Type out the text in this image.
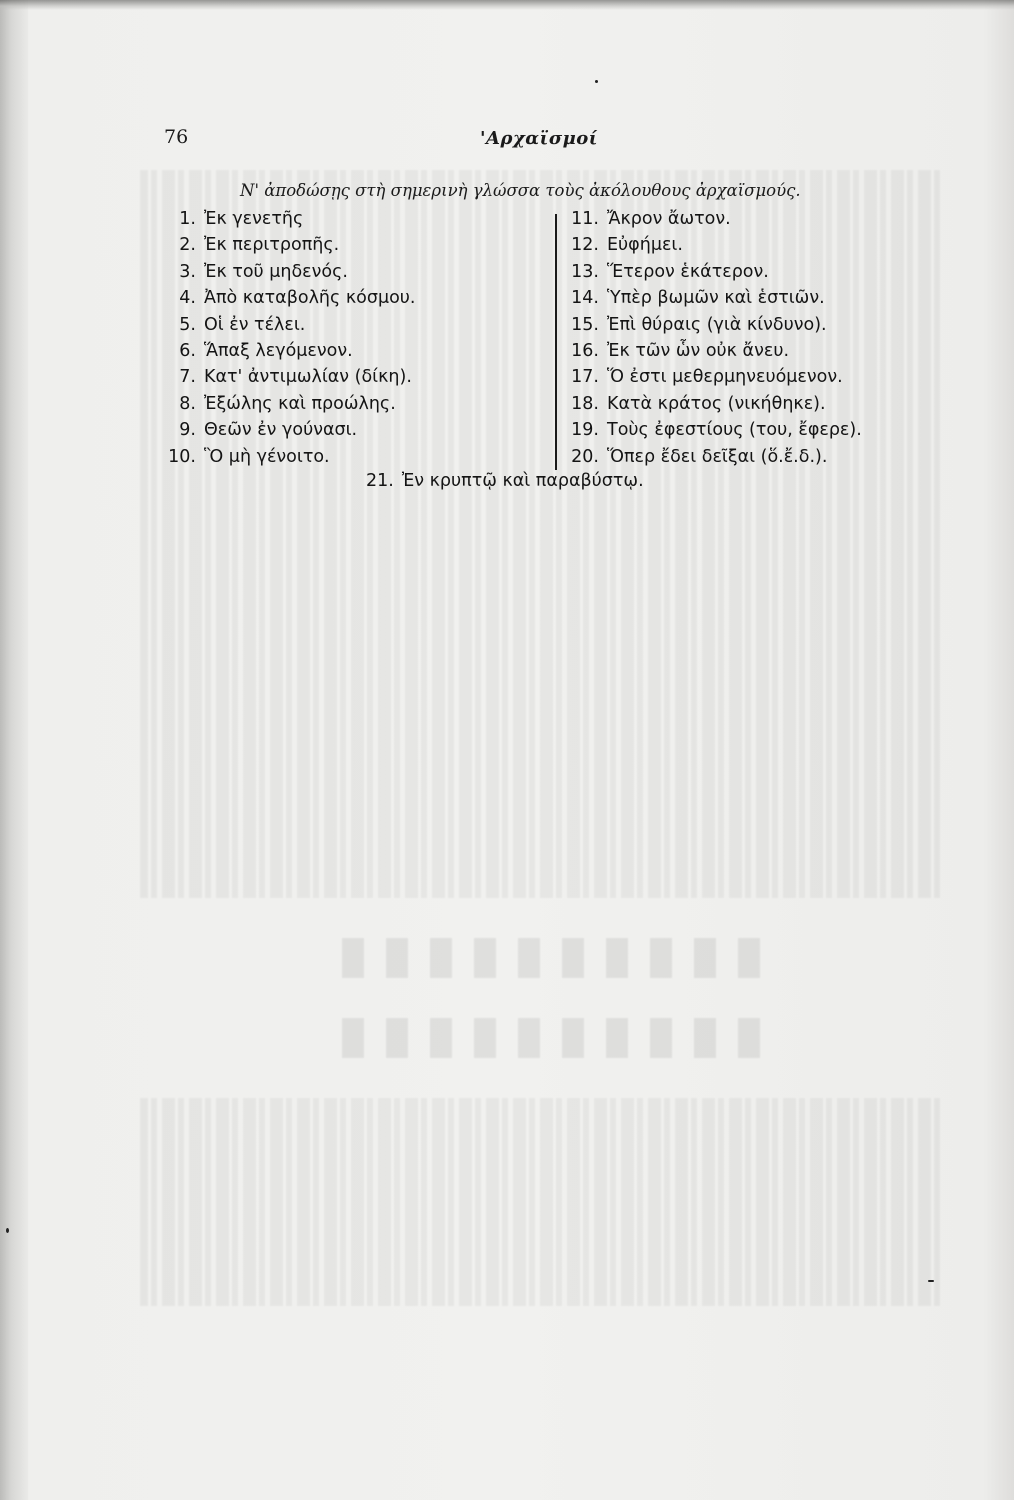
76	'Αρχαϊσμοί
Ν' ἀποδώσῃς στὴ σημερινὴ γλώσσα τοὺς ἀκόλουθους ἀρχαϊσμούς.
1. Ἐκ γενετῆς
2. Ἐκ περιτροπῆς.
3. Ἐκ τοῦ μηδενός.
4. Ἀπὸ καταβολῆς κόσμου.
5. Οἱ ἐν τέλει.
6. Ἅπαξ λεγόμενον.
7. Κατ' ἀντιμωλίαν (δίκη).
8. Ἐξώλης καὶ προώλης.
9. Θεῶν ἐν γούνασι.
10. Ὃ μὴ γένοιτο.
11. Ἄκρον ἄωτον.
12. Εὐφήμει.
13. Ἕτερον ἑκάτερον.
14. Ὑπὲρ βωμῶν καὶ ἑστιῶν.
15. Ἐπὶ θύραις (γιὰ κίνδυνο).
16. Ἐκ τῶν ὧν οὐκ ἄνευ.
17. Ὅ ἐστι μεθερμηνευόμενον.
18. Κατὰ κράτος (νικήθηκε).
19. Τοὺς ἐφεστίους (του, ἔφερε).
20. Ὅπερ ἔδει δεῖξαι (ὅ.ἔ.δ.).
21. Ἐν κρυπτῷ καὶ παραβύστῳ.
